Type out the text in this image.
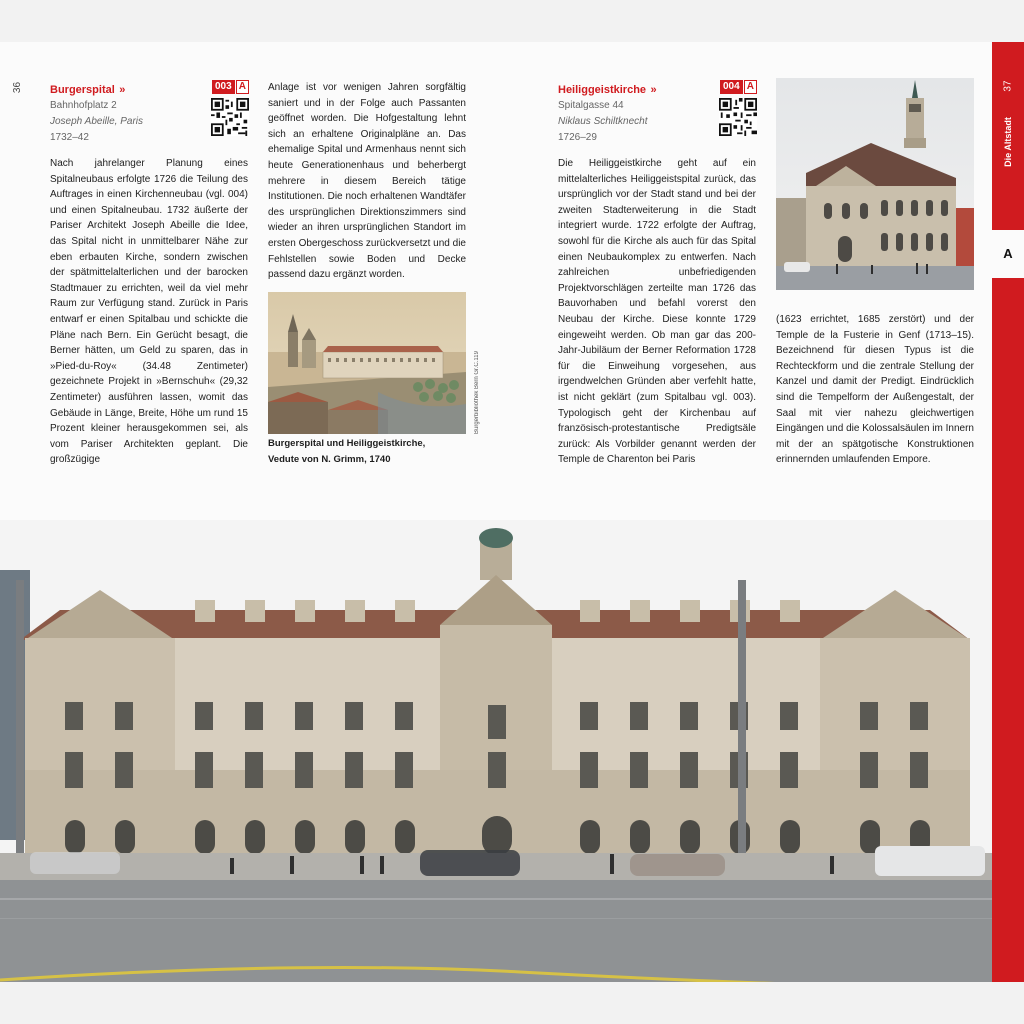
36 Burgerspital »
Bahnhofplatz 2
Joseph Abeille, Paris
1732–42
003 A
Nach jahrelanger Planung eines Spitalneubaus erfolgte 1726 die Teilung des Auftrages in einen Kirchenneubau (vgl. 004) und einen Spitalneubau. 1732 äußerte der Pariser Architekt Joseph Abeille die Idee, das Spital nicht in unmittelbarer Nähe zur eben erbauten Kirche, sondern zwischen der spätmittelalterlichen und der barocken Stadtmauer zu errichten, weil da viel mehr Raum zur Verfügung stand. Zurück in Paris entwarf er einen Spitalbau und schickte die Pläne nach Bern. Ein Gerücht besagt, die Berner hätten, um Geld zu sparen, das in »Pied-du-Roy« (34.48 Zentimeter) gezeichnete Projekt in »Bernschuh« (29,32 Zentimeter) ausführen lassen, womit das Gebäude in Länge, Breite, Höhe um rund 15 Prozent kleiner herausgekommen sei, als vom Pariser Architekten geplant. Die großzügige
Anlage ist vor wenigen Jahren sorgfältig saniert und in der Folge auch Passanten geöffnet worden. Die Hofgestaltung lehnt sich an erhaltene Originalpläne an. Das ehemalige Spital und Armenhaus nennt sich heute Generationenhaus und beherbergt mehrere in diesem Bereich tätige Institutionen. Die noch erhaltenen Wandtäfer des ursprünglichen Direktionszimmers sind wieder an ihren ursprünglichen Standort im ersten Obergeschoss zurückversetzt und die Fehlstellen sowie Boden und Decke passend dazu ergänzt worden.
Burgerbibliothek Bern Gr.C.119
Burgerspital und Heiliggeistkirche,
Vedute von N. Grimm, 1740
Heiliggeistkirche »
Spitalgasse 44
Niklaus Schiltknecht
1726–29
004 A
Die Heiliggeistkirche geht auf ein mittelalterliches Heiliggeistspital zurück, das ursprünglich vor der Stadt stand und bei der zweiten Stadterweiterung in die Stadt integriert wurde. 1722 erfolgte der Auftrag, sowohl für die Kirche als auch für das Spital einen Neubaukomplex zu entwerfen. Nach zahlreichen unbefriedigenden Projektvorschlägen zerteilte man 1726 das Bauvorhaben und befahl vorerst den Neubau der Kirche. Diese konnte 1729 eingeweiht werden. Ob man gar das 200-Jahr-Jubiläum der Berner Reformation 1728 für die Einweihung vorgesehen, aus irgendwelchen Gründen aber verfehlt hatte, ist nicht geklärt (zum Spitalbau vgl. 003). Typologisch geht der Kirchenbau auf französisch-protestantische Predigtsäle zurück: Als Vorbilder genannt werden der Temple de Charenton bei Paris
(1623 errichtet, 1685 zerstört) und der Temple de la Fusterie in Genf (1713–15). Bezeichnend für diesen Typus ist die Rechteckform und die zentrale Stellung der Kanzel und damit der Predigt. Eindrücklich sind die Tempelform der Außengestalt, der Saal mit vier nahezu gleichwertigen Eingängen und die Kolossalsäulen im Innern mit der an spätgotische Konstruktionen erinnernden umlaufenden Empore.
37
Die Altstadt
A
